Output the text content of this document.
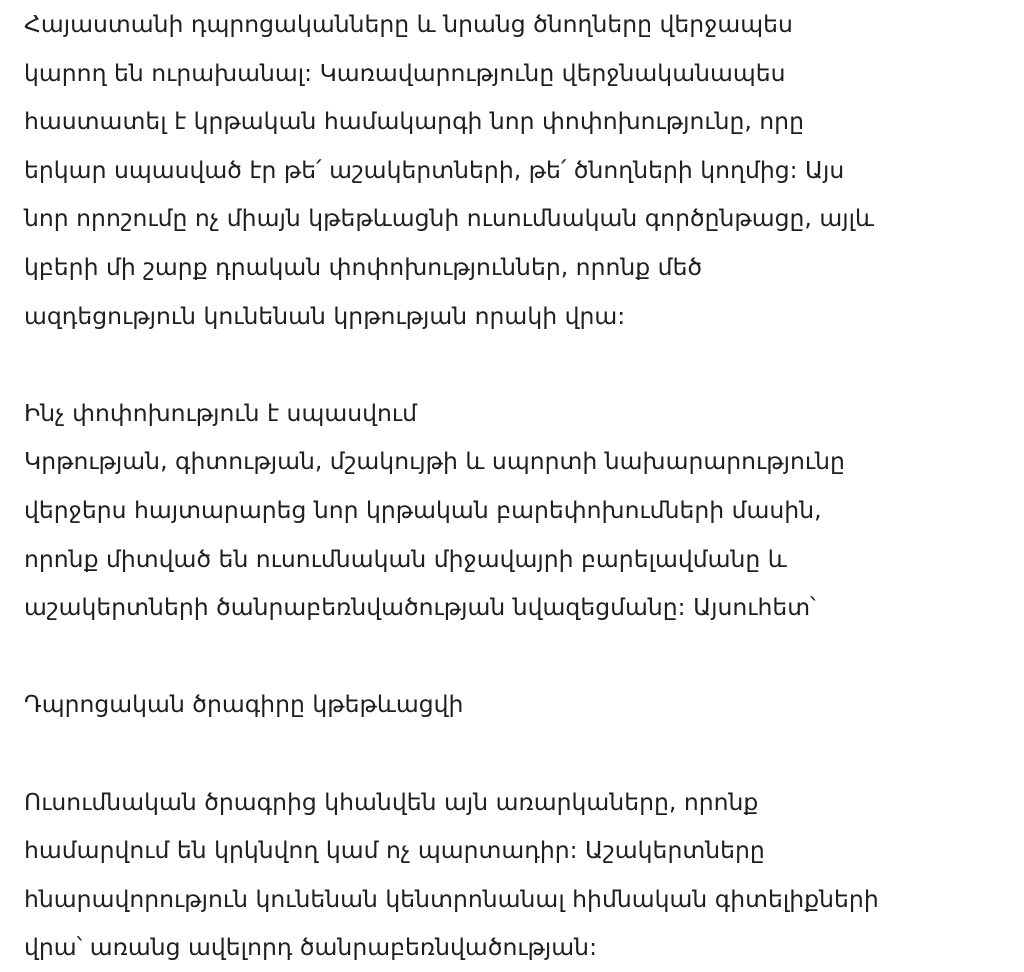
Հայաստանի դպրոցականները և նրանց ծնողները վերջապես
կարող են ուրախանալ: Կառավարությունը վերջնականապես
հաստատել է կրթական համակարգի նոր փոփոխությունը, որը
երկար սպասված էր թե՛ աշակերտների, թե՛ ծնողների կողմից: Այս
նոր որոշումը ոչ միայն կթեթևացնի ուսումնական գործընթացը, այլև
կբերի մի շարք դրական փոփոխություններ, որոնք մեծ
ազդեցություն կունենան կրթության որակի վրա:

Ինչ փոփոխություն է սպասվում
Կրթության, գիտության, մշակույթի և սպորտի նախարարությունը
վերջերս հայտարարեց նոր կրթական բարեփոխումների մասին,
որոնք միտված են ուսումնական միջավայրի բարելավմանը և
աշակերտների ծանրաբեռնվածության նվազեցմանը: Այսուհետ՝

Դպրոցական ծրագիրը կթեթևացվի

Ուսումնական ծրագրից կհանվեն այն առարկաները, որոնք
համարվում են կրկնվող կամ ոչ պարտադիր: Աշակերտները
հնարավորություն կունենան կենտրոնանալ հիմնական գիտելիքների
վրա՝ առանց ավելորդ ծանրաբեռնվածության:
